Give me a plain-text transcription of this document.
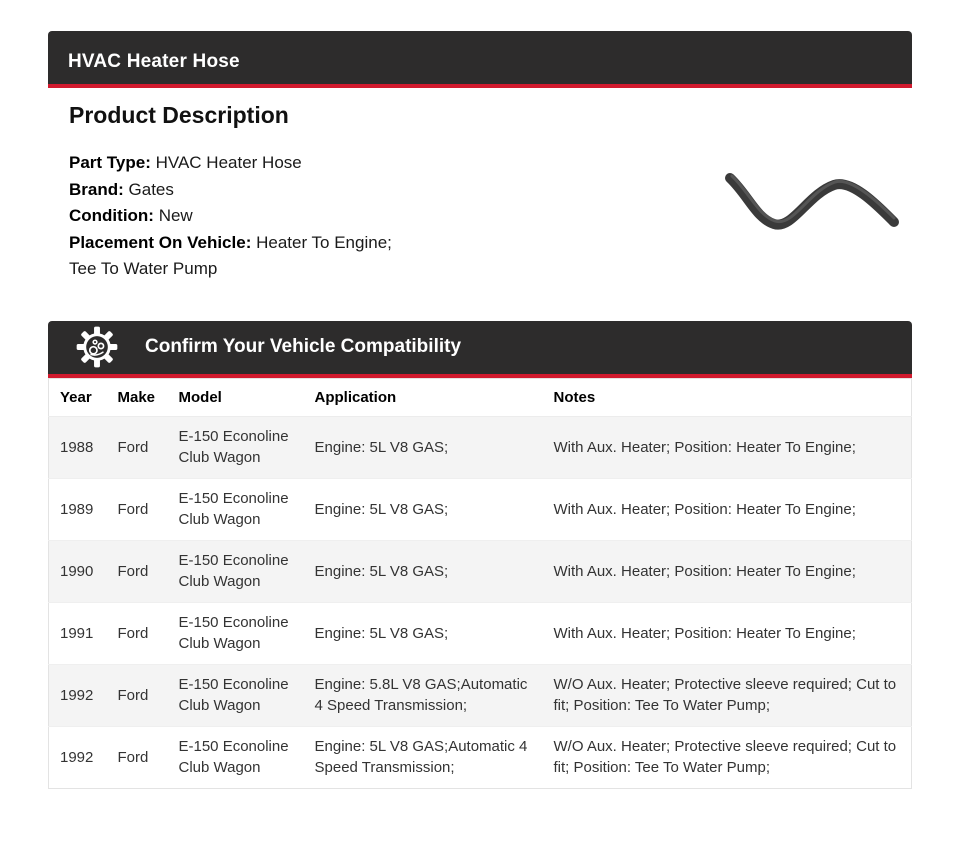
HVAC Heater Hose
Product Description
Part Type: HVAC Heater Hose
Brand: Gates
Condition: New
Placement On Vehicle: Heater To Engine;
Tee To Water Pump
Confirm Your Vehicle Compatibility
Year	Make	Model	Application	Notes
1988	Ford	E-150 Econoline Club Wagon	Engine: 5L V8 GAS;	With Aux. Heater; Position: Heater To Engine;
1989	Ford	E-150 Econoline Club Wagon	Engine: 5L V8 GAS;	With Aux. Heater; Position: Heater To Engine;
1990	Ford	E-150 Econoline Club Wagon	Engine: 5L V8 GAS;	With Aux. Heater; Position: Heater To Engine;
1991	Ford	E-150 Econoline Club Wagon	Engine: 5L V8 GAS;	With Aux. Heater; Position: Heater To Engine;
1992	Ford	E-150 Econoline Club Wagon	Engine: 5.8L V8 GAS;Automatic 4 Speed Transmission;	W/O Aux. Heater; Protective sleeve required; Cut to fit; Position: Tee To Water Pump;
1992	Ford	E-150 Econoline Club Wagon	Engine: 5L V8 GAS;Automatic 4 Speed Transmission;	W/O Aux. Heater; Protective sleeve required; Cut to fit; Position: Tee To Water Pump;
